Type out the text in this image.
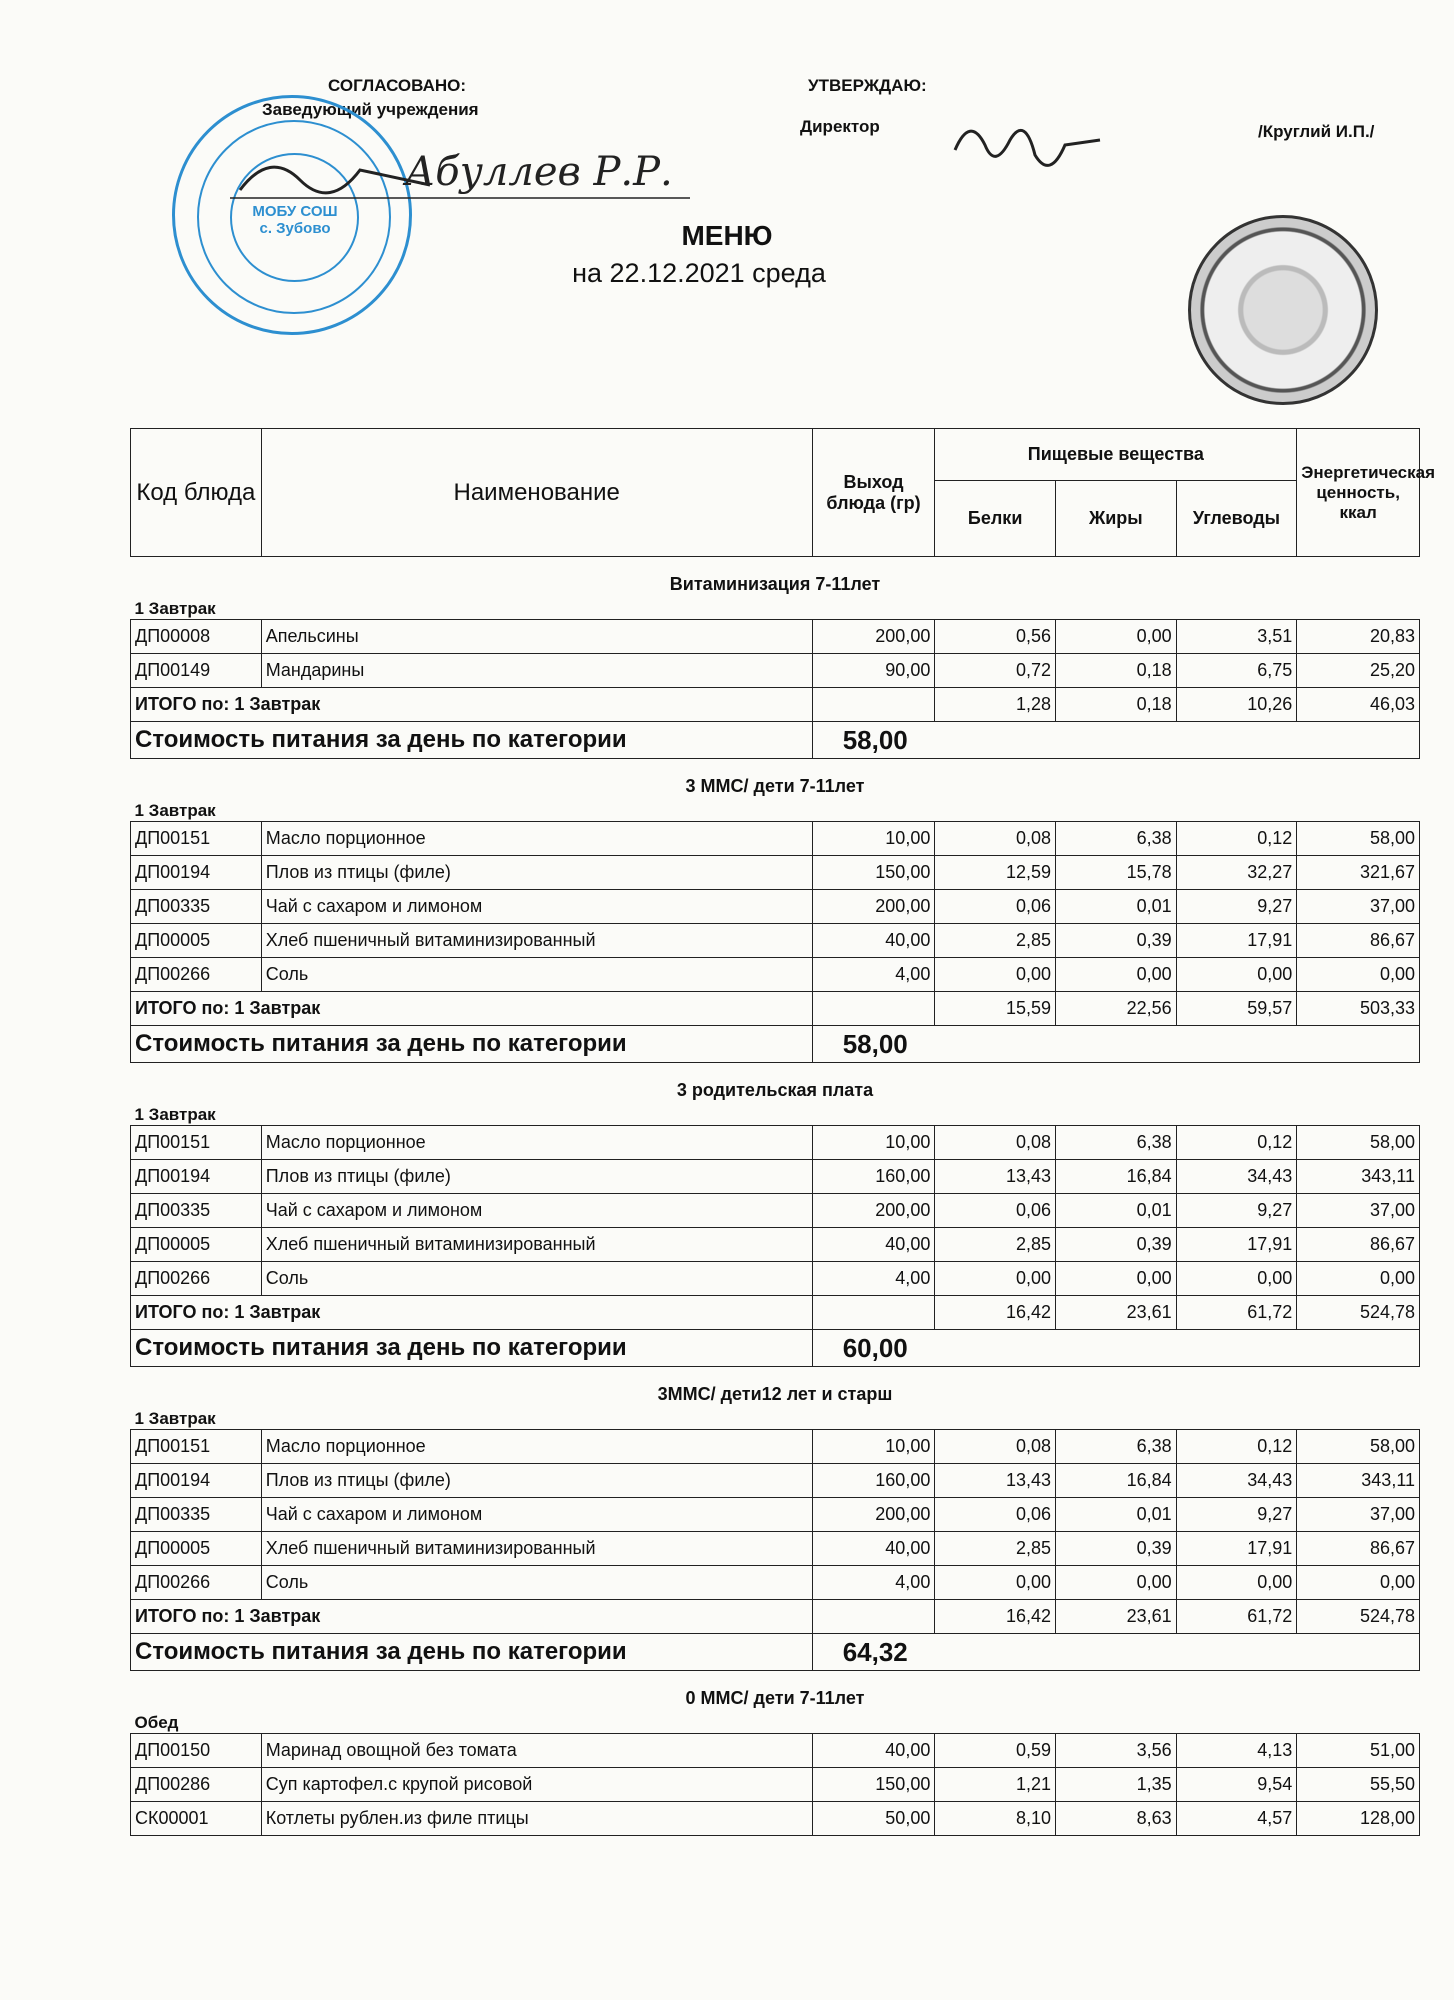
СОГЛАСОВАНО:
Заведующий учреждения
УТВЕРЖДАЮ:
Директор	/Круглий И.П./
МОБУ СОШ с. Зубово
Абуллев Р.Р.
МЕНЮ
на 22.12.2021 среда
Код блюда	Наименование	Выход блюда (гр)	Пищевые вещества			Энергетическая ценность, ккал
			Белки	Жиры	Углеводы	
Витаминизация 7-11лет						
1 Завтрак						
ДП00008	Апельсины	200,00	0,56	0,00	3,51	20,83
ДП00149	Мандарины	90,00	0,72	0,18	6,75	25,20
ИТОГО по: 1 Завтрак			1,28	0,18	10,26	46,03
Стоимость питания за день по категории		58,00				
3 ММС/ дети 7-11лет						
1 Завтрак						
ДП00151	Масло порционное	10,00	0,08	6,38	0,12	58,00
ДП00194	Плов из птицы (филе)	150,00	12,59	15,78	32,27	321,67
ДП00335	Чай с сахаром и лимоном	200,00	0,06	0,01	9,27	37,00
ДП00005	Хлеб пшеничный витаминизированный	40,00	2,85	0,39	17,91	86,67
ДП00266	Соль	4,00	0,00	0,00	0,00	0,00
ИТОГО по: 1 Завтрак			15,59	22,56	59,57	503,33
Стоимость питания за день по категории		58,00				
3 родительская плата						
1 Завтрак						
ДП00151	Масло порционное	10,00	0,08	6,38	0,12	58,00
ДП00194	Плов из птицы (филе)	160,00	13,43	16,84	34,43	343,11
ДП00335	Чай с сахаром и лимоном	200,00	0,06	0,01	9,27	37,00
ДП00005	Хлеб пшеничный витаминизированный	40,00	2,85	0,39	17,91	86,67
ДП00266	Соль	4,00	0,00	0,00	0,00	0,00
ИТОГО по: 1 Завтрак			16,42	23,61	61,72	524,78
Стоимость питания за день по категории		60,00				
3ММС/ дети12 лет и старш						
1 Завтрак						
ДП00151	Масло порционное	10,00	0,08	6,38	0,12	58,00
ДП00194	Плов из птицы (филе)	160,00	13,43	16,84	34,43	343,11
ДП00335	Чай с сахаром и лимоном	200,00	0,06	0,01	9,27	37,00
ДП00005	Хлеб пшеничный витаминизированный	40,00	2,85	0,39	17,91	86,67
ДП00266	Соль	4,00	0,00	0,00	0,00	0,00
ИТОГО по: 1 Завтрак			16,42	23,61	61,72	524,78
Стоимость питания за день по категории		64,32				
0 ММС/ дети 7-11лет						
Обед						
ДП00150	Маринад овощной без томата	40,00	0,59	3,56	4,13	51,00
ДП00286	Суп картофел.с крупой рисовой	150,00	1,21	1,35	9,54	55,50
СК00001	Котлеты рублен.из филе птицы	50,00	8,10	8,63	4,57	128,00
